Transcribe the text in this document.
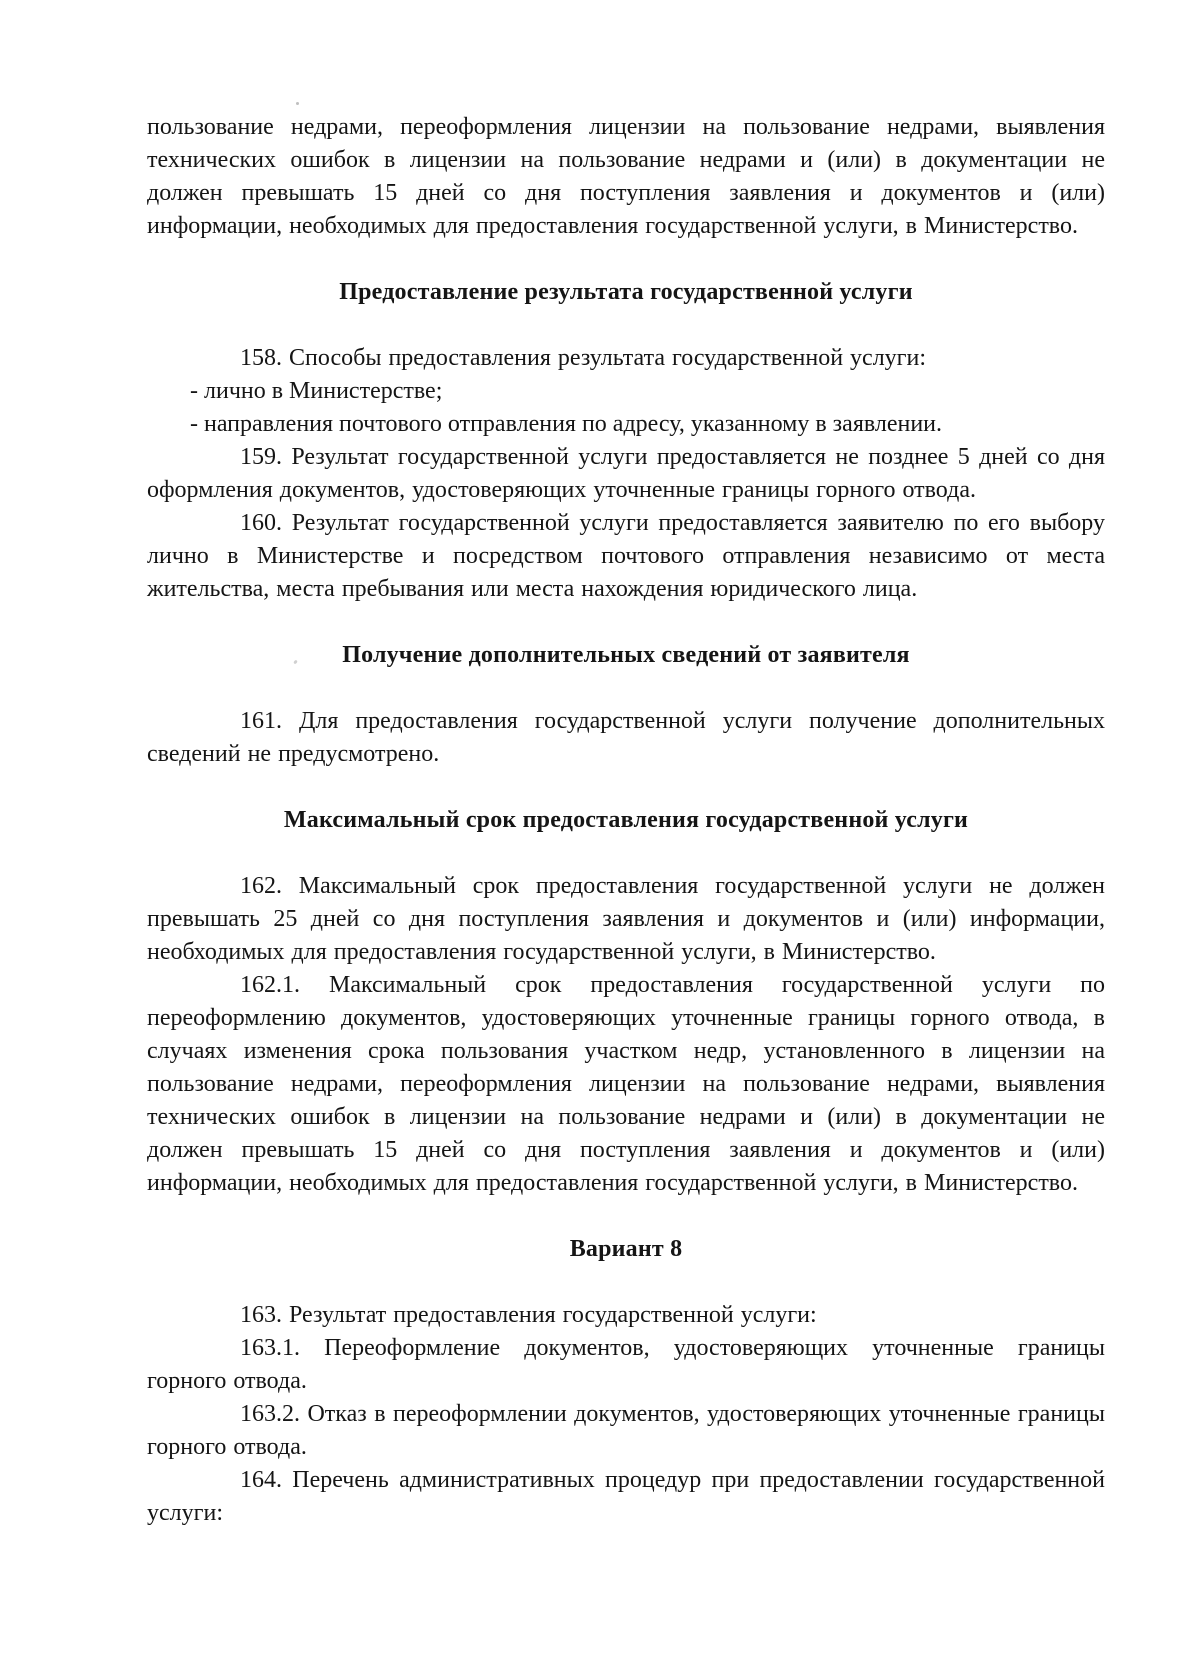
пользование недрами, переоформления лицензии на пользование недрами, выявления технических ошибок в лицензии на пользование недрами и (или) в документации не должен превышать 15 дней со дня поступления заявления и документов и (или) информации, необходимых для предоставления государственной услуги, в Министерство.

Предоставление результата государственной услуги

158. Способы предоставления результата государственной услуги:

- лично в Министерстве;

- направления почтового отправления по адресу, указанному в заявлении.

159. Результат государственной услуги предоставляется не позднее 5 дней со дня оформления документов, удостоверяющих уточненные границы горного отвода.

160. Результат государственной услуги предоставляется заявителю по его выбору лично в Министерстве и посредством почтового отправления независимо от места жительства, места пребывания или места нахождения юридического лица.

Получение дополнительных сведений от заявителя

161. Для предоставления государственной услуги получение дополнительных сведений не предусмотрено.

Максимальный срок предоставления государственной услуги

162. Максимальный срок предоставления государственной услуги не должен превышать 25 дней со дня поступления заявления и документов и (или) информации, необходимых для предоставления государственной услуги, в Министерство.

162.1. Максимальный срок предоставления государственной услуги по переоформлению документов, удостоверяющих уточненные границы горного отвода, в случаях изменения срока пользования участком недр, установленного в лицензии на пользование недрами, переоформления лицензии на пользование недрами, выявления технических ошибок в лицензии на пользование недрами и (или) в документации не должен превышать 15 дней со дня поступления заявления и документов и (или) информации, необходимых для предоставления государственной услуги, в Министерство.

Вариант 8

163. Результат предоставления государственной услуги:

163.1. Переоформление документов, удостоверяющих уточненные границы горного отвода.

163.2. Отказ в переоформлении документов, удостоверяющих уточненные границы горного отвода.

164. Перечень административных процедур при предоставлении государственной услуги:
